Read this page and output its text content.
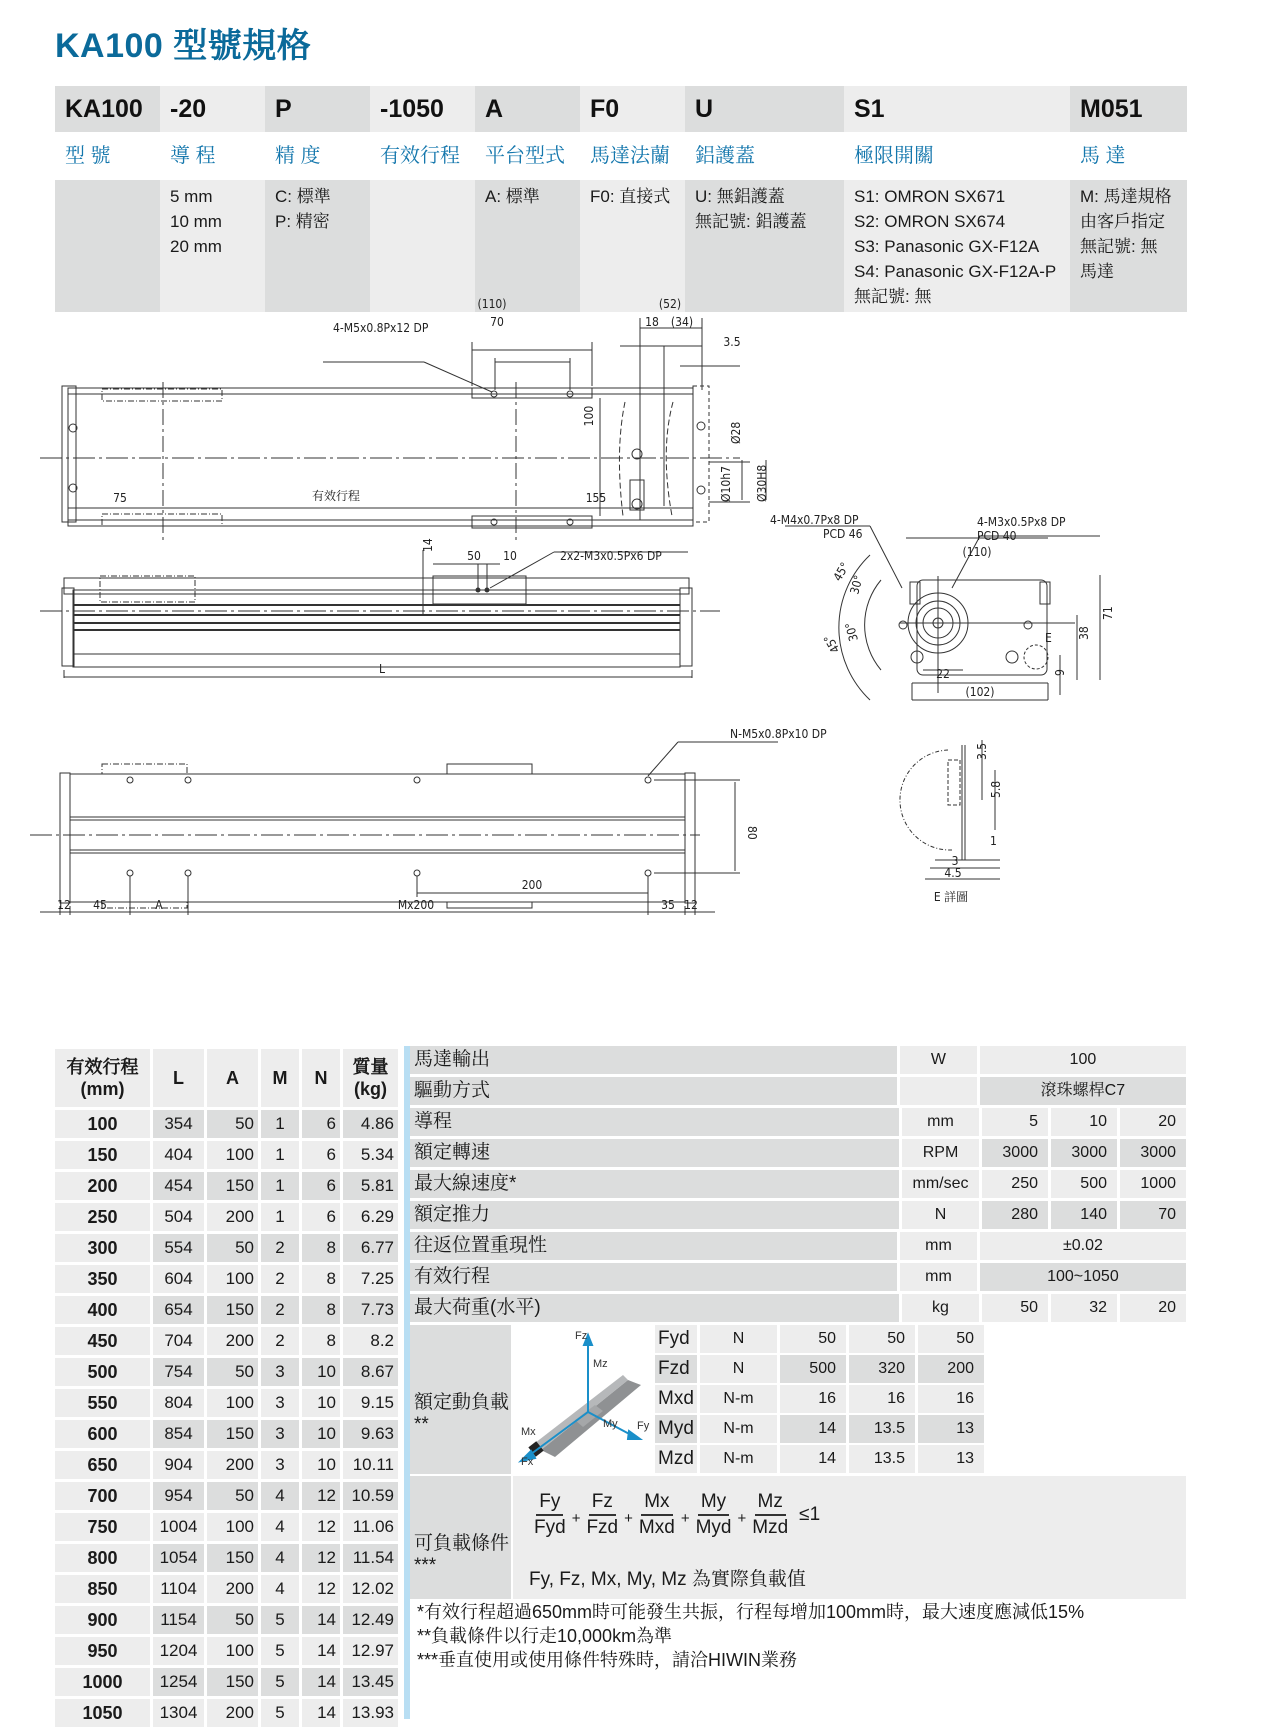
KA100 型號規格
KA100	-20	P	-1050	A	F0	U	S1	M051
型 號	導 程	精 度	有效行程	平台型式	馬達法蘭	鋁護蓋	極限開關	馬 達
5 mm
10 mm
20 mm
C: 標準
P: 精密
A: 標準	F0: 直接式	U: 無鋁護蓋
無記號: 鋁護蓋
S1: OMRON SX671
S2: OMRON SX674
S3: Panasonic GX-F12A
S4: Panasonic GX-F12A-P
無記號: 無
M: 馬達規格
由客戶指定
無記號: 無
馬達
(110)
70
4-M5x0.8Px12 DP
(52)
18 (34)
3.5
100
Ø28
Ø10h7 Ø30H8
75	有效行程	155
14
50 10	2x2-M3x0.5Px6 DP
L
4-M4x0.7Px8 DP
PCD 46
4-M3x0.5Px8 DP
PCD 40
(110)
45°
30°
30°
45°
71
38
9
E
22
(102)
N-M5x0.8Px10 DP
80
200
12 45	A	Mx200	35 12
3.5
5.8
1
3
4.5
E 詳圖
有效行程
(mm)
	L	A	M	N	
質量
(kg)

100	354	50	1	6	4.86
150	404	100	1	6	5.34
200	454	150	1	6	5.81
250	504	200	1	6	6.29
300	554	50	2	8	6.77
350	604	100	2	8	7.25
400	654	150	2	8	7.73
450	704	200	2	8	8.2
500	754	50	3	10	8.67
550	804	100	3	10	9.15
600	854	150	3	10	9.63
650	904	200	3	10	10.11
700	954	50	4	12	10.59
750	1004	100	4	12	11.06
800	1054	150	4	12	11.54
850	1104	200	4	12	12.02
900	1154	50	5	14	12.49
950	1204	100	5	14	12.97
1000	1254	150	5	14	13.45
1050	1304	200	5	14	13.93
馬達輸出	W	100
驅動方式	滾珠螺桿C7
導程	mm	5	10	20
額定轉速	RPM	3000	3000	3000
最大線速度*	mm/sec	250	500	1000
額定推力	N	280	140	70
往返位置重現性	mm	±0.02
有效行程	mm	100~1050
最大荷重(水平)	kg	50	32	20
額定動負載**
Fz
Mz
Mx
Fx
My Fy
Fyd	N	50	50	50
Fzd	N	500	320	200
Mxd	N-m	16	16	16
Myd	N-m	14	13.5	13
Mzd	N-m	14	13.5	13
可負載條件***
$\frac{Fy}{\text{Fyd}} + \frac{Fz}{\text{Fzd}} + \frac{Mx}{\text{Mxd}} + \frac{My}{\text{Myd}} + \frac{Mz}{\text{Mzd}} \le 1$
Fy, Fz, Mx, My, Mz 為實際負載值
*有效行程超過650mm時可能發生共振，行程每增加100mm時，最大速度應減低15%
**負載條件以行走10,000km為準
***垂直使用或使用條件特殊時，請洽HIWIN業務
